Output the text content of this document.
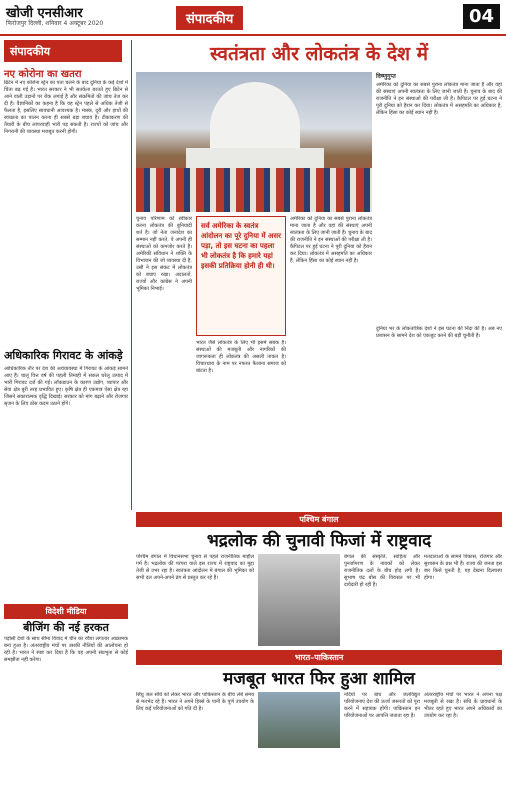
खोजी एनसीआर
फिरोजपुर दिल्ली, शनिवार 4 अक्टूबर 2020	संपादकीय	04
संपादकीय
नए कोरोना का खतरा
ब्रिटेन में नए कोरोना स्ट्रेन का पता चलने के बाद दुनिया के कई देशों में चिंता बढ़ गई है। भारत सरकार ने भी सतर्कता बरतते हुए ब्रिटेन से आने वाली उड़ानों पर रोक लगाई है और संक्रमितों की जांच तेज कर दी है। वैज्ञानिकों का कहना है कि यह स्ट्रेन पहले से अधिक तेजी से फैलता है, इसलिए सावधानी आवश्यक है। मास्क, दूरी और हाथों की स्वच्छता का पालन करना ही सबसे बड़ा बचाव है। टीकाकरण की तैयारी के बीच लापरवाही भारी पड़ सकती है। राज्यों को जांच और निगरानी की व्यवस्था मजबूत करनी होगी।
स्वतंत्रता और लोकतंत्र के देश में
विष्णुगुप्त
अमेरिका को दुनिया का सबसे पुराना लोकतंत्र माना जाता है और वहां की संस्थाएं अपनी स्वतंत्रता के लिए जानी जाती हैं। चुनाव के बाद की राजनीति ने इन संस्थाओं की परीक्षा ली है। कैपिटल पर हुई घटना ने पूरी दुनिया को हैरान कर दिया। लोकतंत्र में असहमति का अधिकार है, लेकिन हिंसा का कोई स्थान नहीं है।
चुनाव परिणाम को स्वीकार करना लोकतंत्र की बुनियादी शर्त है। जो नेता जनादेश का सम्मान नहीं करते, वे अपनी ही संस्थाओं को कमजोर करते हैं। अमेरिकी संविधान ने शक्ति के विभाजन की जो व्यवस्था दी है, उसी ने इस संकट में लोकतंत्र को बचाए रखा। अदालतों, राज्यों और कांग्रेस ने अपनी भूमिका निभाई।
सर्व अमेरिका के स्वतंत्र आंदोलन का पूरे दुनिया में असर पड़ा, तो इस घटना का पहला भी लोकतंत्र है कि हमारे यहां इसकी प्रतिक्रिया होनी ही थी।
भारत जैसे लोकतंत्र के लिए भी इसमें सबक है। संस्थाओं की मजबूती और नागरिकों की जागरूकता ही लोकतंत्र की असली ताकत है। विचारधारा के नाम पर नफरत फैलाना समाज को बांटता है।
अमेरिका को दुनिया का सबसे पुराना लोकतंत्र माना जाता है और वहां की संस्थाएं अपनी स्वतंत्रता के लिए जानी जाती हैं। चुनाव के बाद की राजनीति ने इन संस्थाओं की परीक्षा ली है। कैपिटल पर हुई घटना ने पूरी दुनिया को हैरान कर दिया। लोकतंत्र में असहमति का अधिकार है, लेकिन हिंसा का कोई स्थान नहीं है।
दुनिया भर के लोकतांत्रिक देशों ने इस घटना की निंदा की है। अब नए प्रशासन के सामने देश को एकजुट करने की बड़ी चुनौती है।
अधिकारिक गिरावट के आंकड़े
आधिकारिक तौर पर देश की अर्थव्यवस्था में गिरावट के आंकड़े सामने आए हैं। चालू वित्त वर्ष की पहली तिमाही में सकल घरेलू उत्पाद में भारी गिरावट दर्ज की गई। लॉकडाउन के कारण उद्योग, व्यापार और सेवा क्षेत्र बुरी तरह प्रभावित हुए। कृषि क्षेत्र ही एकमात्र ऐसा क्षेत्र रहा जिसने सकारात्मक वृद्धि दिखाई। सरकार को मांग बढ़ाने और रोजगार सृजन के लिए ठोस कदम उठाने होंगे।
विदेशी मीडिया
बीजिंग की नई हरकत
पड़ोसी देशों के साथ सीमा विवाद में चीन का रवैया लगातार आक्रामक बना हुआ है। अंतरराष्ट्रीय मंचों पर उसकी नीतियों की आलोचना हो रही है। भारत ने स्पष्ट कर दिया है कि वह अपनी संप्रभुता से कोई समझौता नहीं करेगा।
पश्चिम बंगाल
भद्रलोक की चुनावी फिजां में राष्ट्रवाद
पश्चिम बंगाल में विधानसभा चुनाव से पहले राजनीतिक माहौल गर्म है। भद्रलोक की परंपरा वाले इस राज्य में राष्ट्रवाद का मुद्दा तेजी से उभर रहा है। स्वतंत्रता आंदोलन में बंगाल की भूमिका को सभी दल अपने-अपने ढंग से प्रस्तुत कर रहे हैं।
बंगाल की संस्कृति, साहित्य और पुनर्जागरण के नायकों को लेकर राजनीतिक दलों के बीच होड़ लगी है। सुभाष चंद्र बोस की विरासत पर भी दावेदारी हो रही है।
मतदाताओं के सामने विकास, रोजगार और सुशासन के प्रश्न भी हैं। राज्य की जनता इस बार किसे चुनती है, यह देखना दिलचस्प होगा।
भारत–पाकिस्तान
मजबूत भारत फिर हुआ शामिल
सिंधु जल संधि को लेकर भारत और पाकिस्तान के बीच लंबे समय से मतभेद रहे हैं। भारत ने अपने हिस्से के पानी के पूर्ण उपयोग के लिए कई परियोजनाओं को गति दी है।
नदियों पर बांध और जलविद्युत परियोजनाएं देश की ऊर्जा जरूरतों को पूरा करने में सहायक होंगी। पाकिस्तान इन परियोजनाओं पर आपत्ति जताता रहा है।
अंतरराष्ट्रीय मंचों पर भारत ने अपना पक्ष मजबूती से रखा है। संधि के प्रावधानों के भीतर रहते हुए भारत अपने अधिकारों का उपयोग कर रहा है।
